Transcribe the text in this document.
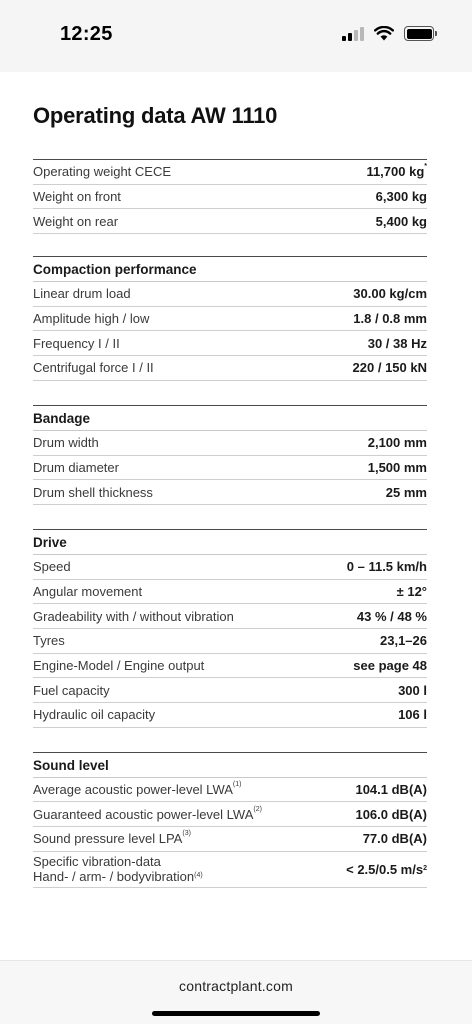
12:25
Operating data AW 1110
Operating weight CECE	11,700 kg*
Weight on front	6,300 kg
Weight on rear	5,400 kg
Compaction performance
Linear drum load	30.00 kg/cm
Amplitude high / low	1.8 / 0.8 mm
Frequency I / II	30 / 38 Hz
Centrifugal force I / II	220 / 150 kN
Bandage
Drum width	2,100 mm
Drum diameter	1,500 mm
Drum shell thickness	25 mm
Drive
Speed	0 – 11.5 km/h
Angular movement	± 12°
Gradeability with / without vibration	43 % / 48 %
Tyres	23,1–26
Engine-Model / Engine output	see page 48
Fuel capacity	300 l
Hydraulic oil capacity	106 l
Sound level
Average acoustic power-level LWA$^{(1)}$	104.1 dB(A)
Guaranteed acoustic power-level LWA$^{(2)}$	106.0 dB(A)
Sound pressure level LPA$^{(3)}$	77.0 dB(A)
Specific vibration-data
Hand- / arm- / bodyvibration$^{(4)}$	< 2.5/0.5 $m/s^2$
contractplant.com
